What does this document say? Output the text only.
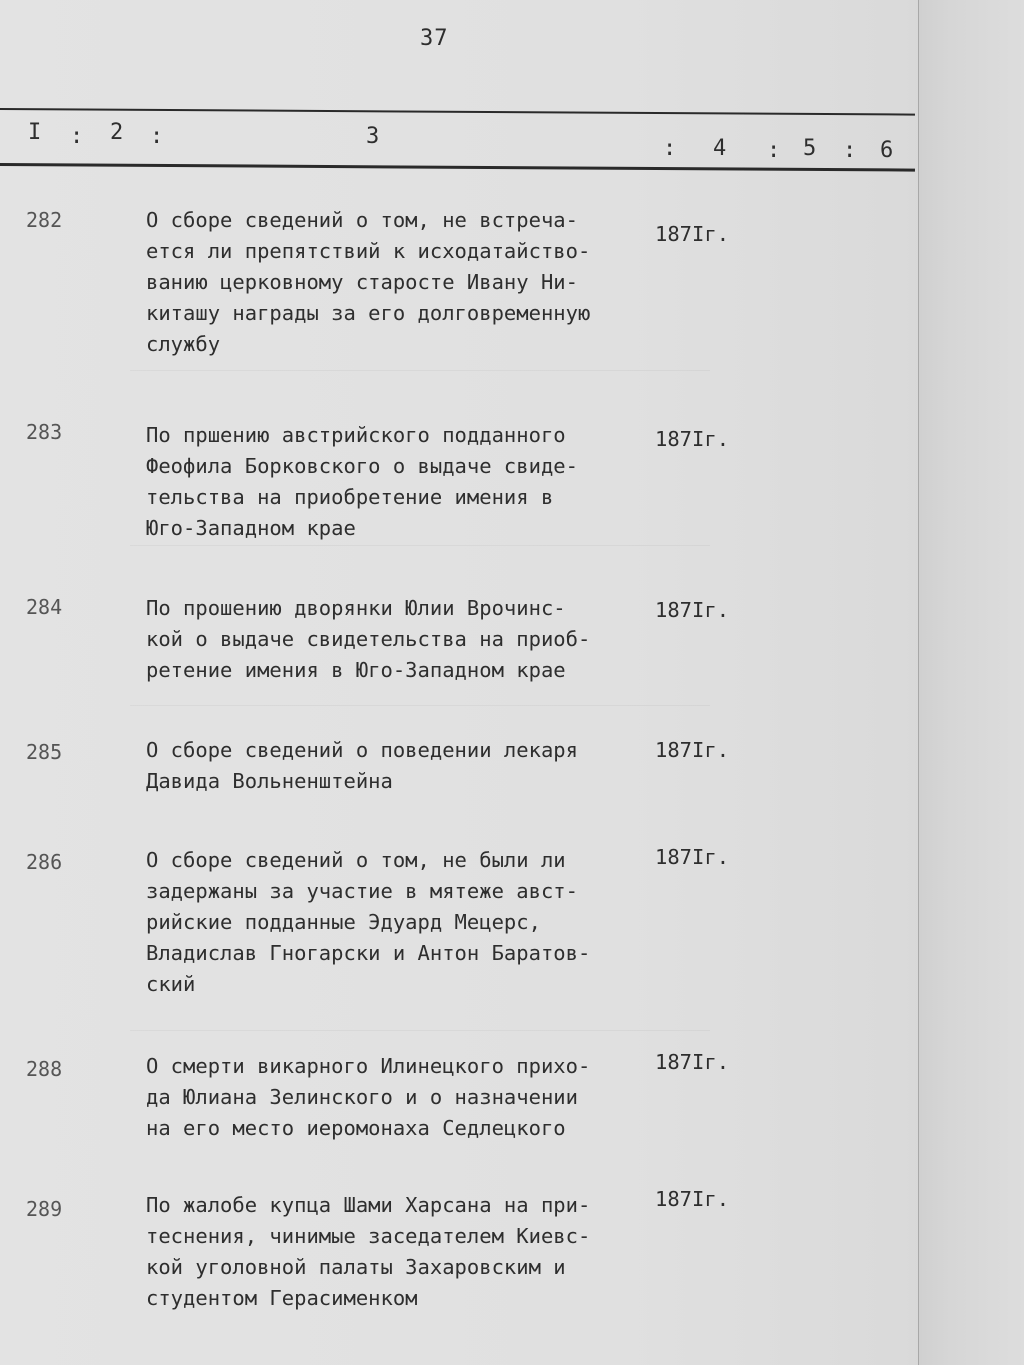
37
I : 2 :	3	: 4 : 5 : 6
282	О сборе сведений о том, не встреча-
ется ли препятствий к исходатайство-
ванию церковному старосте Ивану Ни-
киташу награды за его долговременную
службу
187Iг.
283	По пршению австрийского подданного
Феофила Борковского о выдаче свиде-
тельства на приобретение имения в
Юго-Западном крае
187Iг.
284	По прошению дворянки Юлии Врочинс-
кой о выдаче свидетельства на приоб-
ретение имения в Юго-Западном крае
187Iг.
285	О сборе сведений о поведении лекаря
Давида Вольненштейна
187Iг.
286	О сборе сведений о том, не были ли
задержаны за участие в мятеже авст-
рийские подданные Эдуард Мецерс,
Владислав Гногарски и Антон Баратов-
ский
187Iг.
288	О смерти викарного Илинецкого прихо-
да Юлиана Зелинского и о назначении
на его место иеромонаха Седлецкого
187Iг.
289	По жалобе купца Шами Харсана на при-
теснения, чинимые заседателем Киевс-
кой уголовной палаты Захаровским и
студентом Герасименком
187Iг.
